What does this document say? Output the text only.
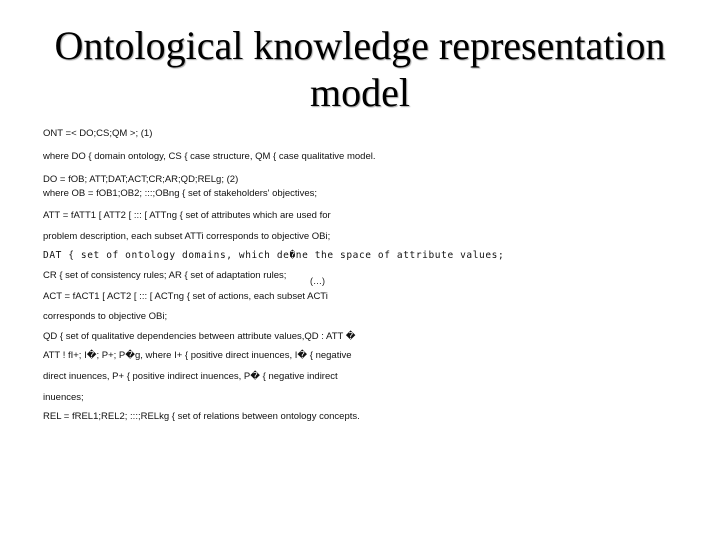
Ontological knowledge representation
model
ONT =< DO;CS;QM >; (1)
where DO { domain ontology, CS { case structure, QM { case qualitative model.
DO = fOB; ATT;DAT;ACT;CR;AR;QD;RELg; (2)
where OB = fOB1;OB2; :::;OBng { set of stakeholders' objectives;
ATT = fATT1 [ ATT2 [ ::: [ ATTng { set of attributes which are used for
problem description, each subset ATTi corresponds to objective OBi;
DAT { set of ontology domains, which de�ne the space of attribute values;
CR { set of consistency rules; AR { set of adaptation rules;	(…)
ACT = fACT1 [ ACT2 [ ::: [ ACTng { set of actions, each subset ACTi
corresponds to objective OBi;
QD { set of qualitative dependencies between attribute values,QD : ATT �
ATT ! fI+; I�; P+; P�g, where I+ { positive direct inuences, I� { negative
direct inuences, P+ { positive indirect inuences, P� { negative indirect
inuences;
REL = fREL1;REL2; :::;RELkg { set of relations between ontology concepts.
